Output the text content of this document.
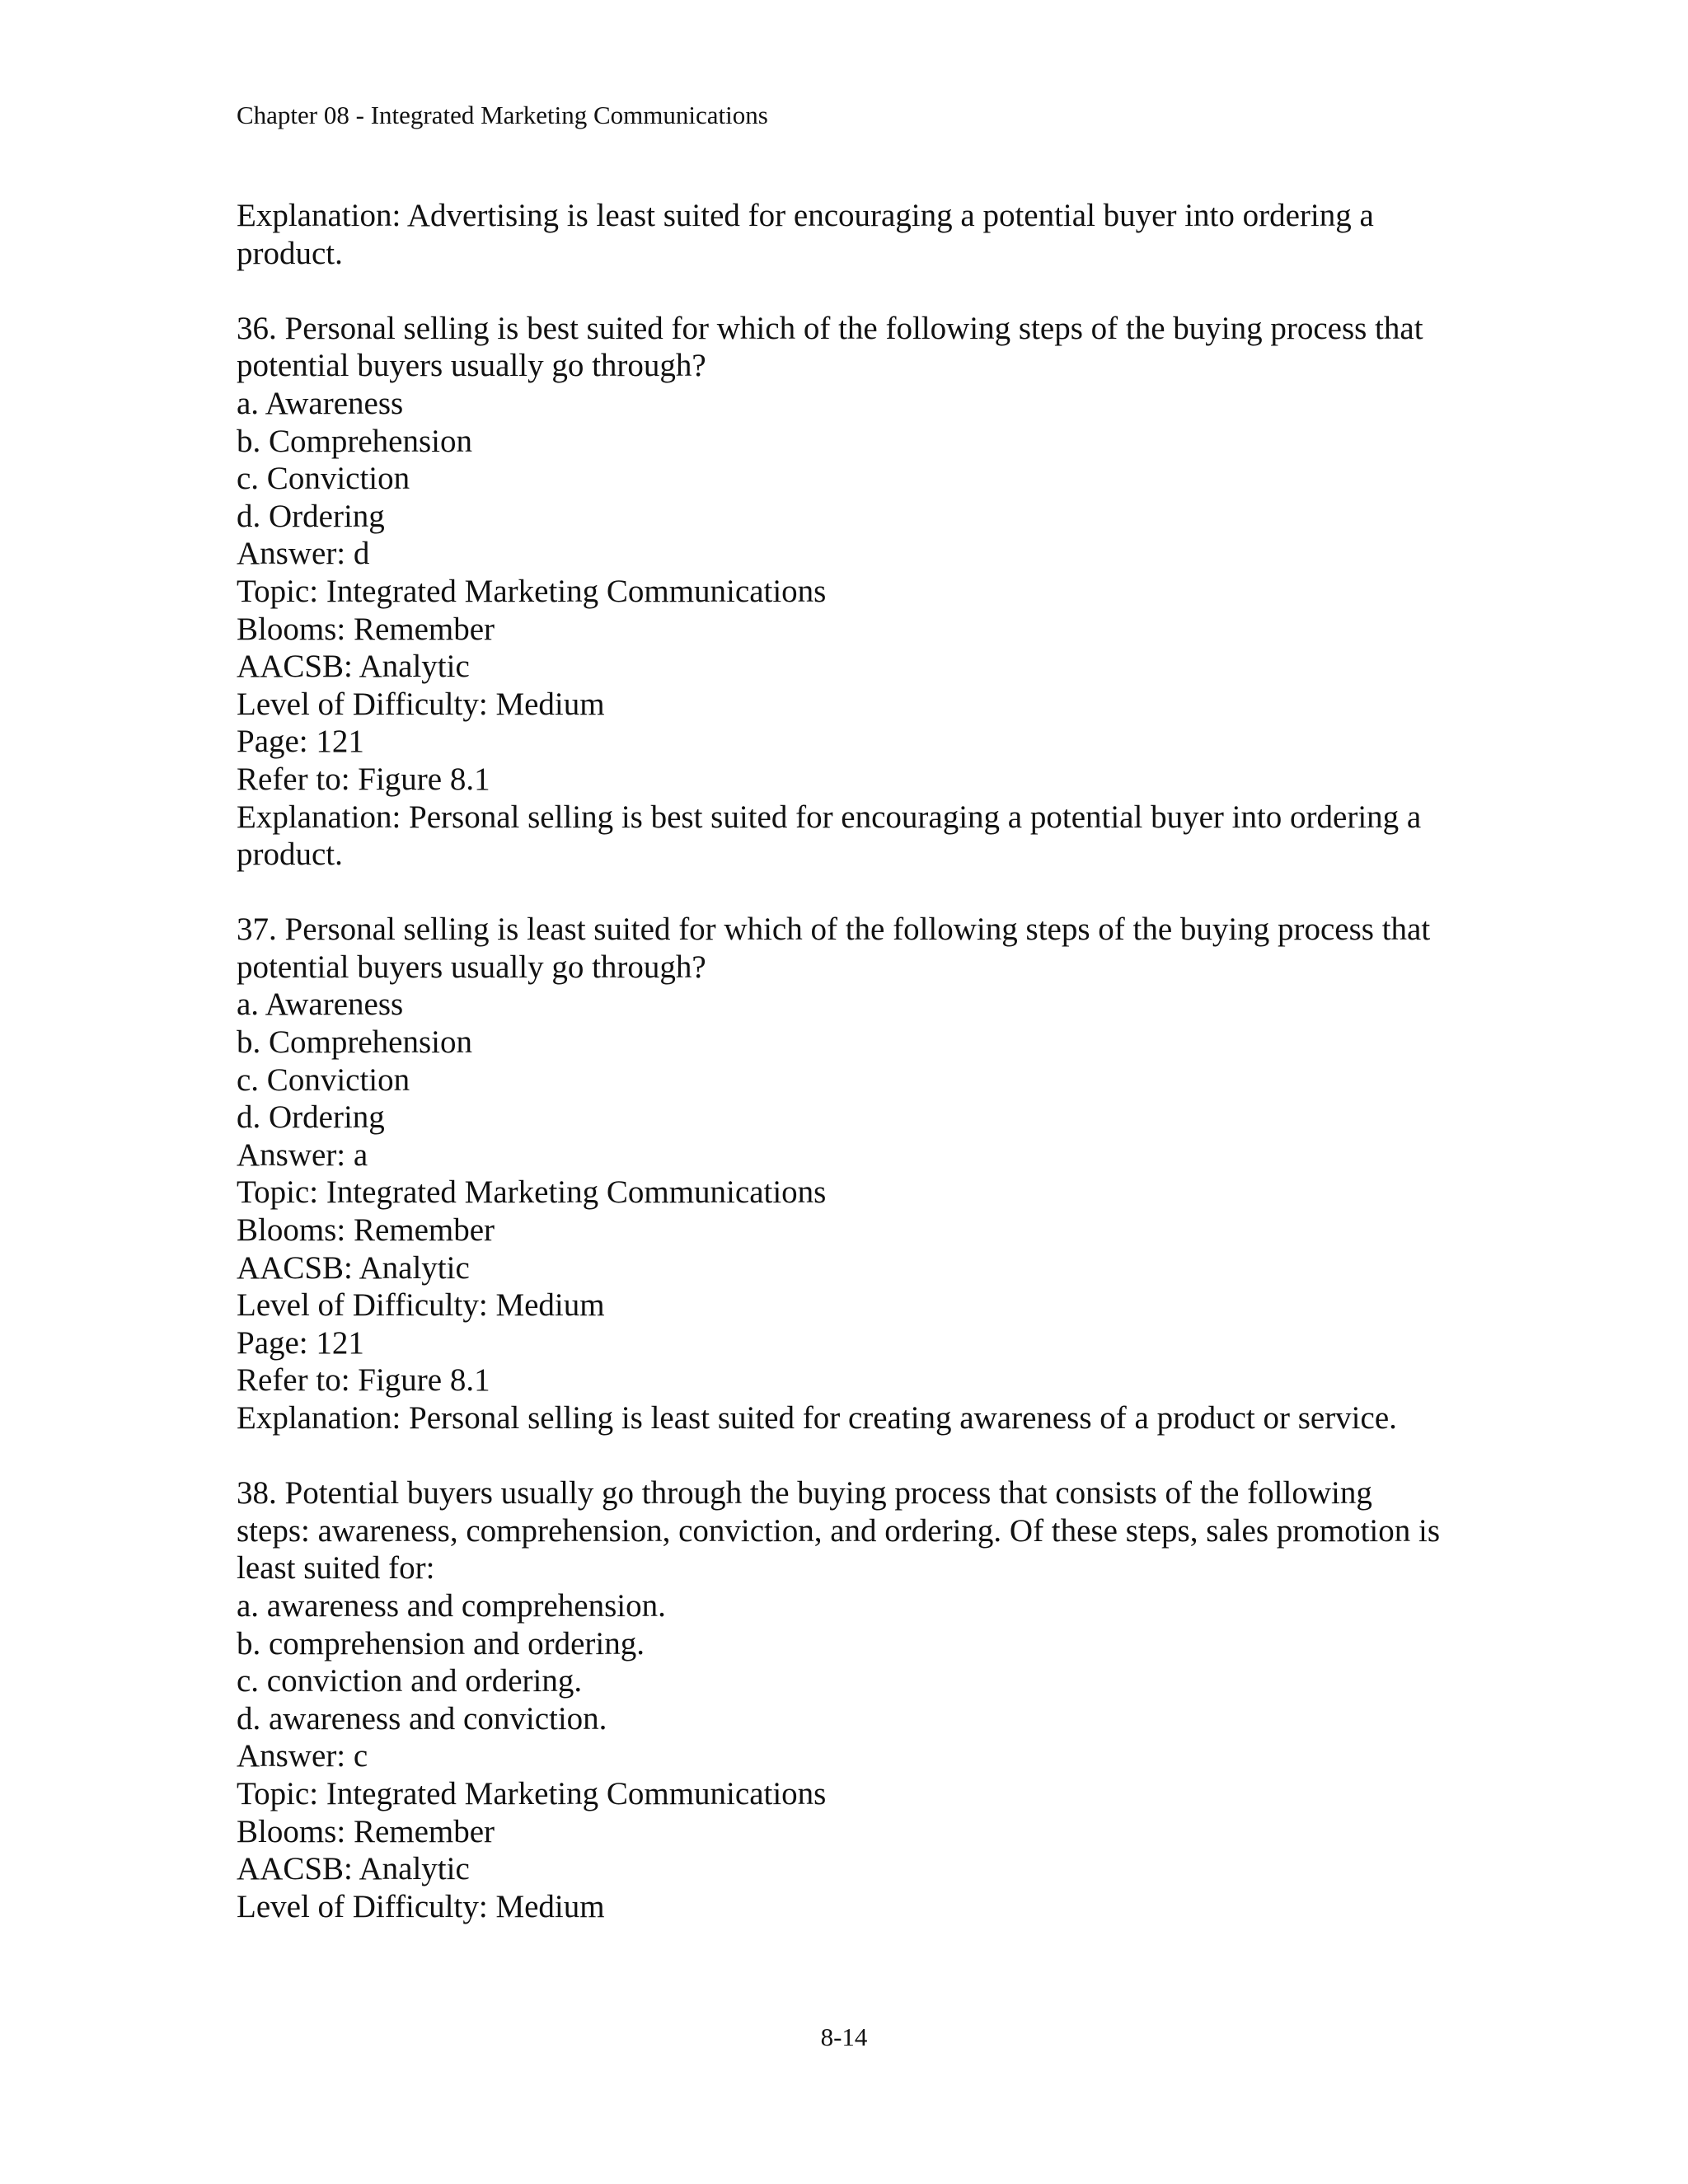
Chapter 08 - Integrated Marketing Communications
Explanation: Advertising is least suited for encouraging a potential buyer into ordering a
product.
36. Personal selling is best suited for which of the following steps of the buying process that
potential buyers usually go through?
a. Awareness
b. Comprehension
c. Conviction
d. Ordering
Answer: d
Topic: Integrated Marketing Communications
Blooms: Remember
AACSB: Analytic
Level of Difficulty: Medium
Page: 121
Refer to: Figure 8.1
Explanation: Personal selling is best suited for encouraging a potential buyer into ordering a
product.
37. Personal selling is least suited for which of the following steps of the buying process that
potential buyers usually go through?
a. Awareness
b. Comprehension
c. Conviction
d. Ordering
Answer: a
Topic: Integrated Marketing Communications
Blooms: Remember
AACSB: Analytic
Level of Difficulty: Medium
Page: 121
Refer to: Figure 8.1
Explanation: Personal selling is least suited for creating awareness of a product or service.
38. Potential buyers usually go through the buying process that consists of the following
steps: awareness, comprehension, conviction, and ordering. Of these steps, sales promotion is
least suited for:
a. awareness and comprehension.
b. comprehension and ordering.
c. conviction and ordering.
d. awareness and conviction.
Answer: c
Topic: Integrated Marketing Communications
Blooms: Remember
AACSB: Analytic
Level of Difficulty: Medium
8-14
